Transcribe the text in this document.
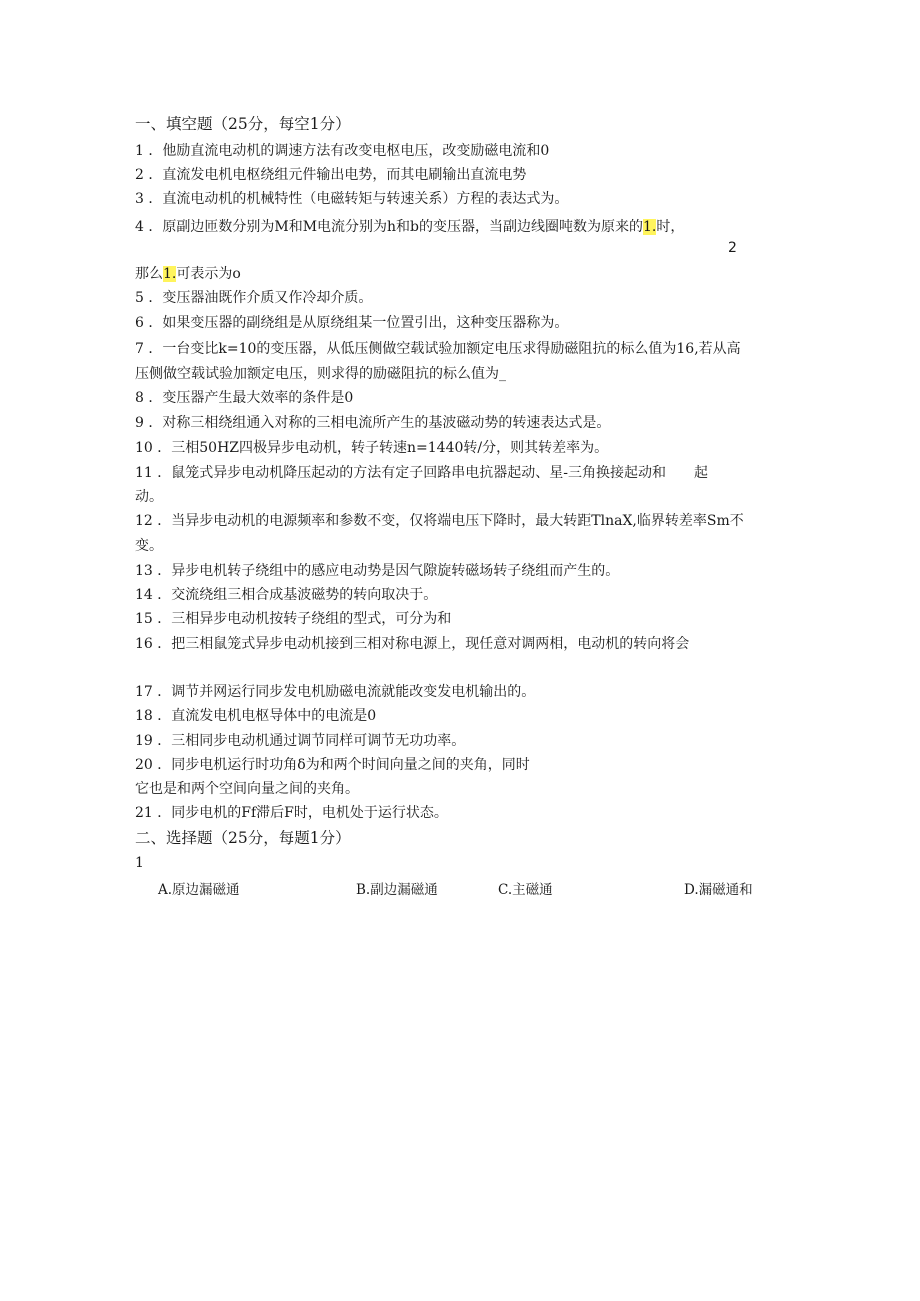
一、填空题（25分，每空1分）
1 ．他励直流电动机的调速方法有改变电枢电压，改变励磁电流和0
2 ．直流发电机电枢绕组元件输出电势，而其电刷输出直流电势
3 ．直流电动机的机械特性（电磁转矩与转速关系）方程的表达式为。
4 ．原副边匝数分别为M和M电流分别为h和b的变压器，当副边线圈吨数为原来的1.时，
2
那么1.可表示为o
5 ．变压器油既作介质又作冷却介质。
6 ．如果变压器的副绕组是从原绕组某一位置引出，这种变压器称为。
7 ．一台变比k=10的变压器，从低压侧做空载试验加额定电压求得励磁阻抗的标么值为16,若从高
压侧做空载试验加额定电压，则求得的励磁阻抗的标么值为_
8 ．变压器产生最大效率的条件是0
9 ．对称三相绕组通入对称的三相电流所产生的基波磁动势的转速表达式是。
10 ．三相50HZ四极异步电动机，转子转速n=1440转/分，则其转差率为。
11 ．鼠笼式异步电动机降压起动的方法有定子回路串电抗器起动、星-三角换接起动和　　起
动。
12 ．当异步电动机的电源频率和参数不变，仅将端电压下降时，最大转距TlnaX,临界转差率Sm不
变。
13 ．异步电机转子绕组中的感应电动势是因气隙旋转磁场转子绕组而产生的。
14 ．交流绕组三相合成基波磁势的转向取决于。
15 ．三相异步电动机按转子绕组的型式，可分为和
16 ．把三相鼠笼式异步电动机接到三相对称电源上，现任意对调两相，电动机的转向将会
17 ．调节并网运行同步发电机励磁电流就能改变发电机输出的。
18 ．直流发电机电枢导体中的电流是0
19 ．三相同步电动机通过调节同样可调节无功功率。
20 ．同步电机运行时功角δ为和两个时间向量之间的夹角，同时
它也是和两个空间向量之间的夹角。
21 ．同步电机的Ff滞后F时，电机处于运行状态。
二、选择题（25分，每题1分）
1
A.原边漏磁通	B.副边漏磁通	C.主磁通	D.漏磁通和
